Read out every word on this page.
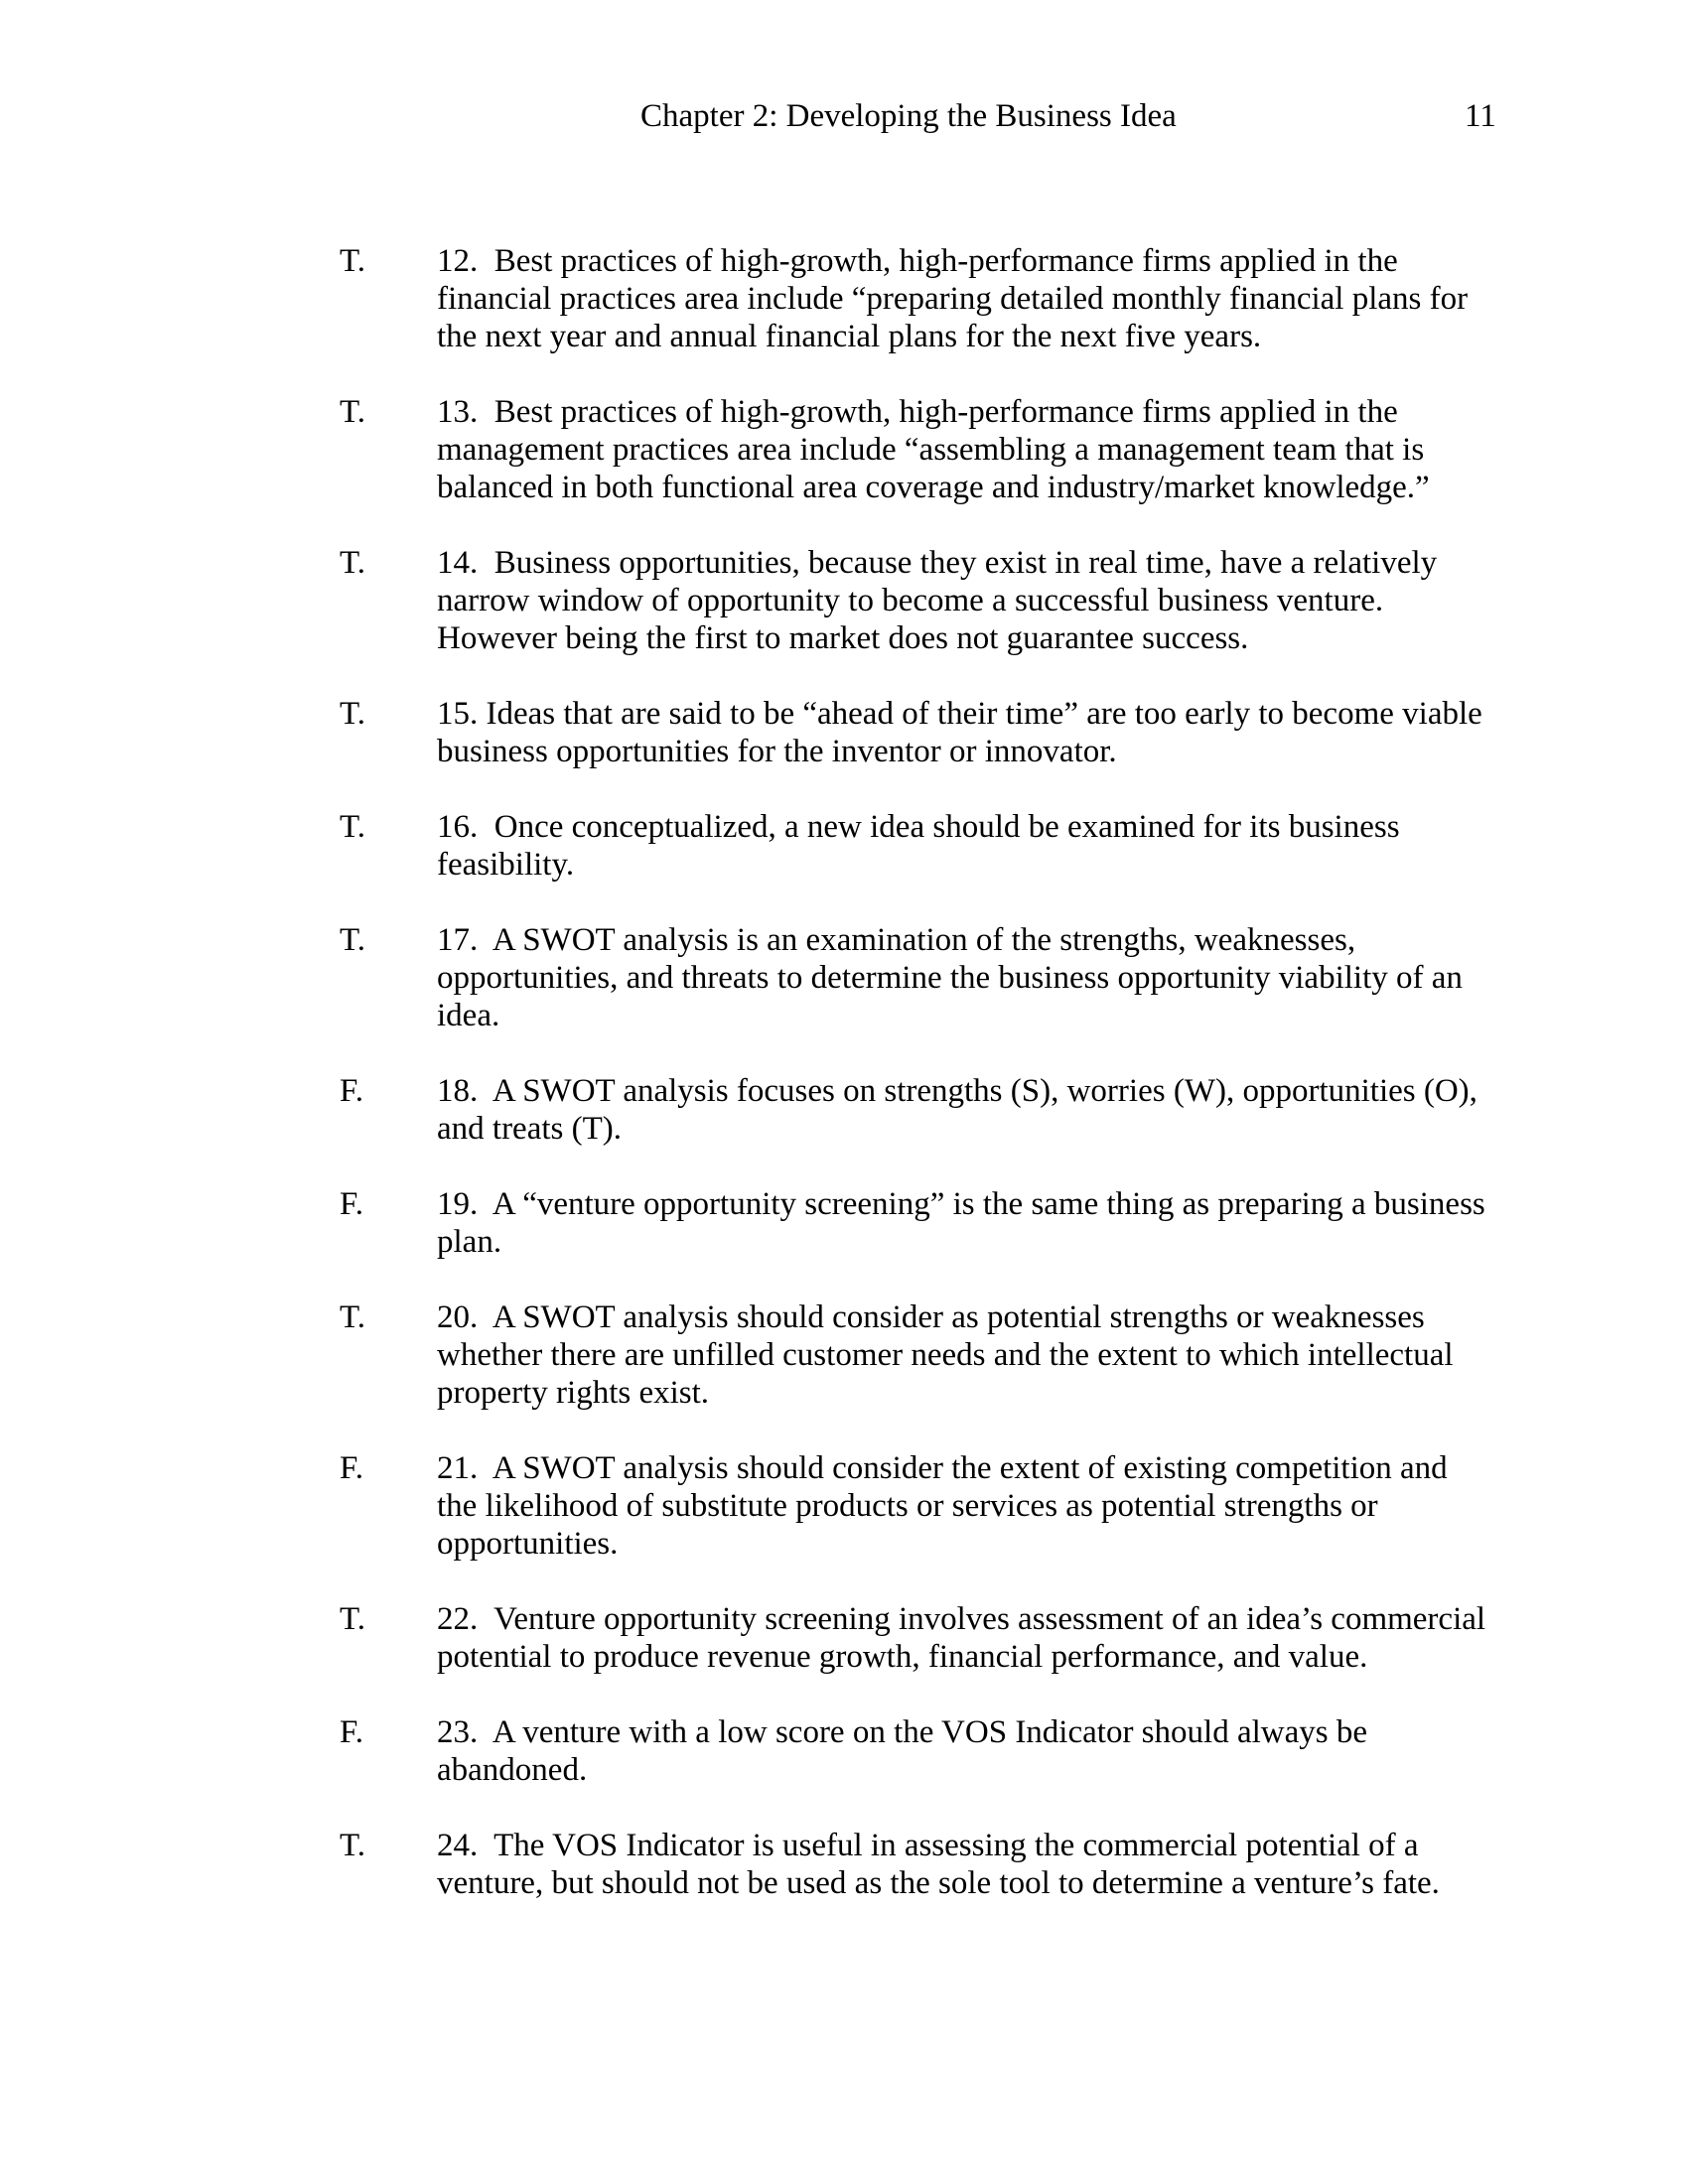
Chapter 2: Developing the Business Idea	11
T.	12.  Best practices of high-growth, high-performance firms applied in the financial practices area include “preparing detailed monthly financial plans for the next year and annual financial plans for the next five years.
T.	13.  Best practices of high-growth, high-performance firms applied in the management practices area include “assembling a management team that is balanced in both functional area coverage and industry/market knowledge.”
T.	14.  Business opportunities, because they exist in real time, have a relatively narrow window of opportunity to become a successful business venture. However being the first to market does not guarantee success.
T.	15. Ideas that are said to be “ahead of their time” are too early to become viable business opportunities for the inventor or innovator.
T.	16.  Once conceptualized, a new idea should be examined for its business feasibility.
T.	17.  A SWOT analysis is an examination of the strengths, weaknesses, opportunities, and threats to determine the business opportunity viability of an idea.
F.	18.  A SWOT analysis focuses on strengths (S), worries (W), opportunities (O), and treats (T).
F.	19.  A “venture opportunity screening” is the same thing as preparing a business plan.
T.	20.  A SWOT analysis should consider as potential strengths or weaknesses whether there are unfilled customer needs and the extent to which intellectual property rights exist.
F.	21.  A SWOT analysis should consider the extent of existing competition and the likelihood of substitute products or services as potential strengths or opportunities.
T.	22.  Venture opportunity screening involves assessment of an idea’s commercial potential to produce revenue growth, financial performance, and value.
F.	23.  A venture with a low score on the VOS Indicator should always be abandoned.
T.	24.  The VOS Indicator is useful in assessing the commercial potential of a venture, but should not be used as the sole tool to determine a venture’s fate.
